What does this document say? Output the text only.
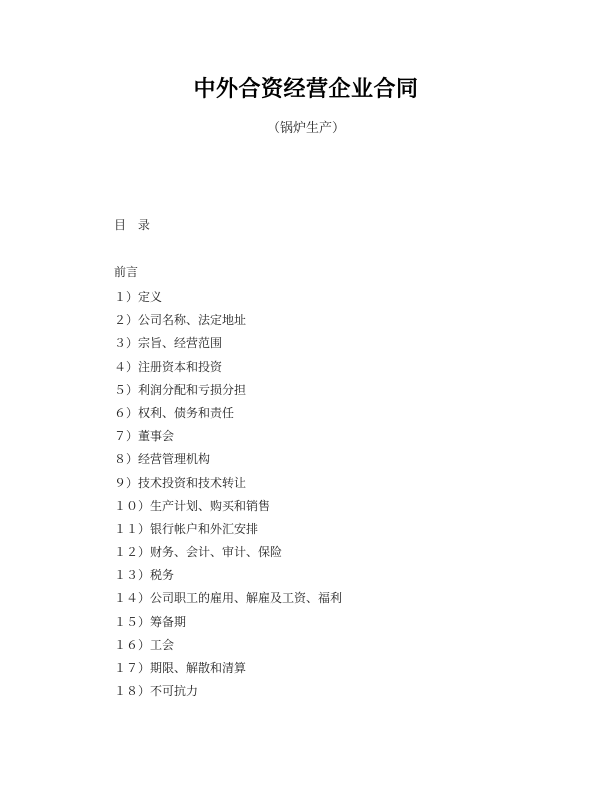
中外合资经营企业合同
（锅炉生产）
目 录
前言
１）定义
２）公司名称、法定地址
３）宗旨、经营范围
４）注册资本和投资
５）利润分配和亏损分担
６）权利、债务和责任
７）董事会
８）经营管理机构
９）技术投资和技术转让
１０）生产计划、购买和销售
１１）银行帐户和外汇安排
１２）财务、会计、审计、保险
１３）税务
１４）公司职工的雇用、解雇及工资、福利
１５）筹备期
１６）工会
１７）期限、解散和清算
１８）不可抗力
